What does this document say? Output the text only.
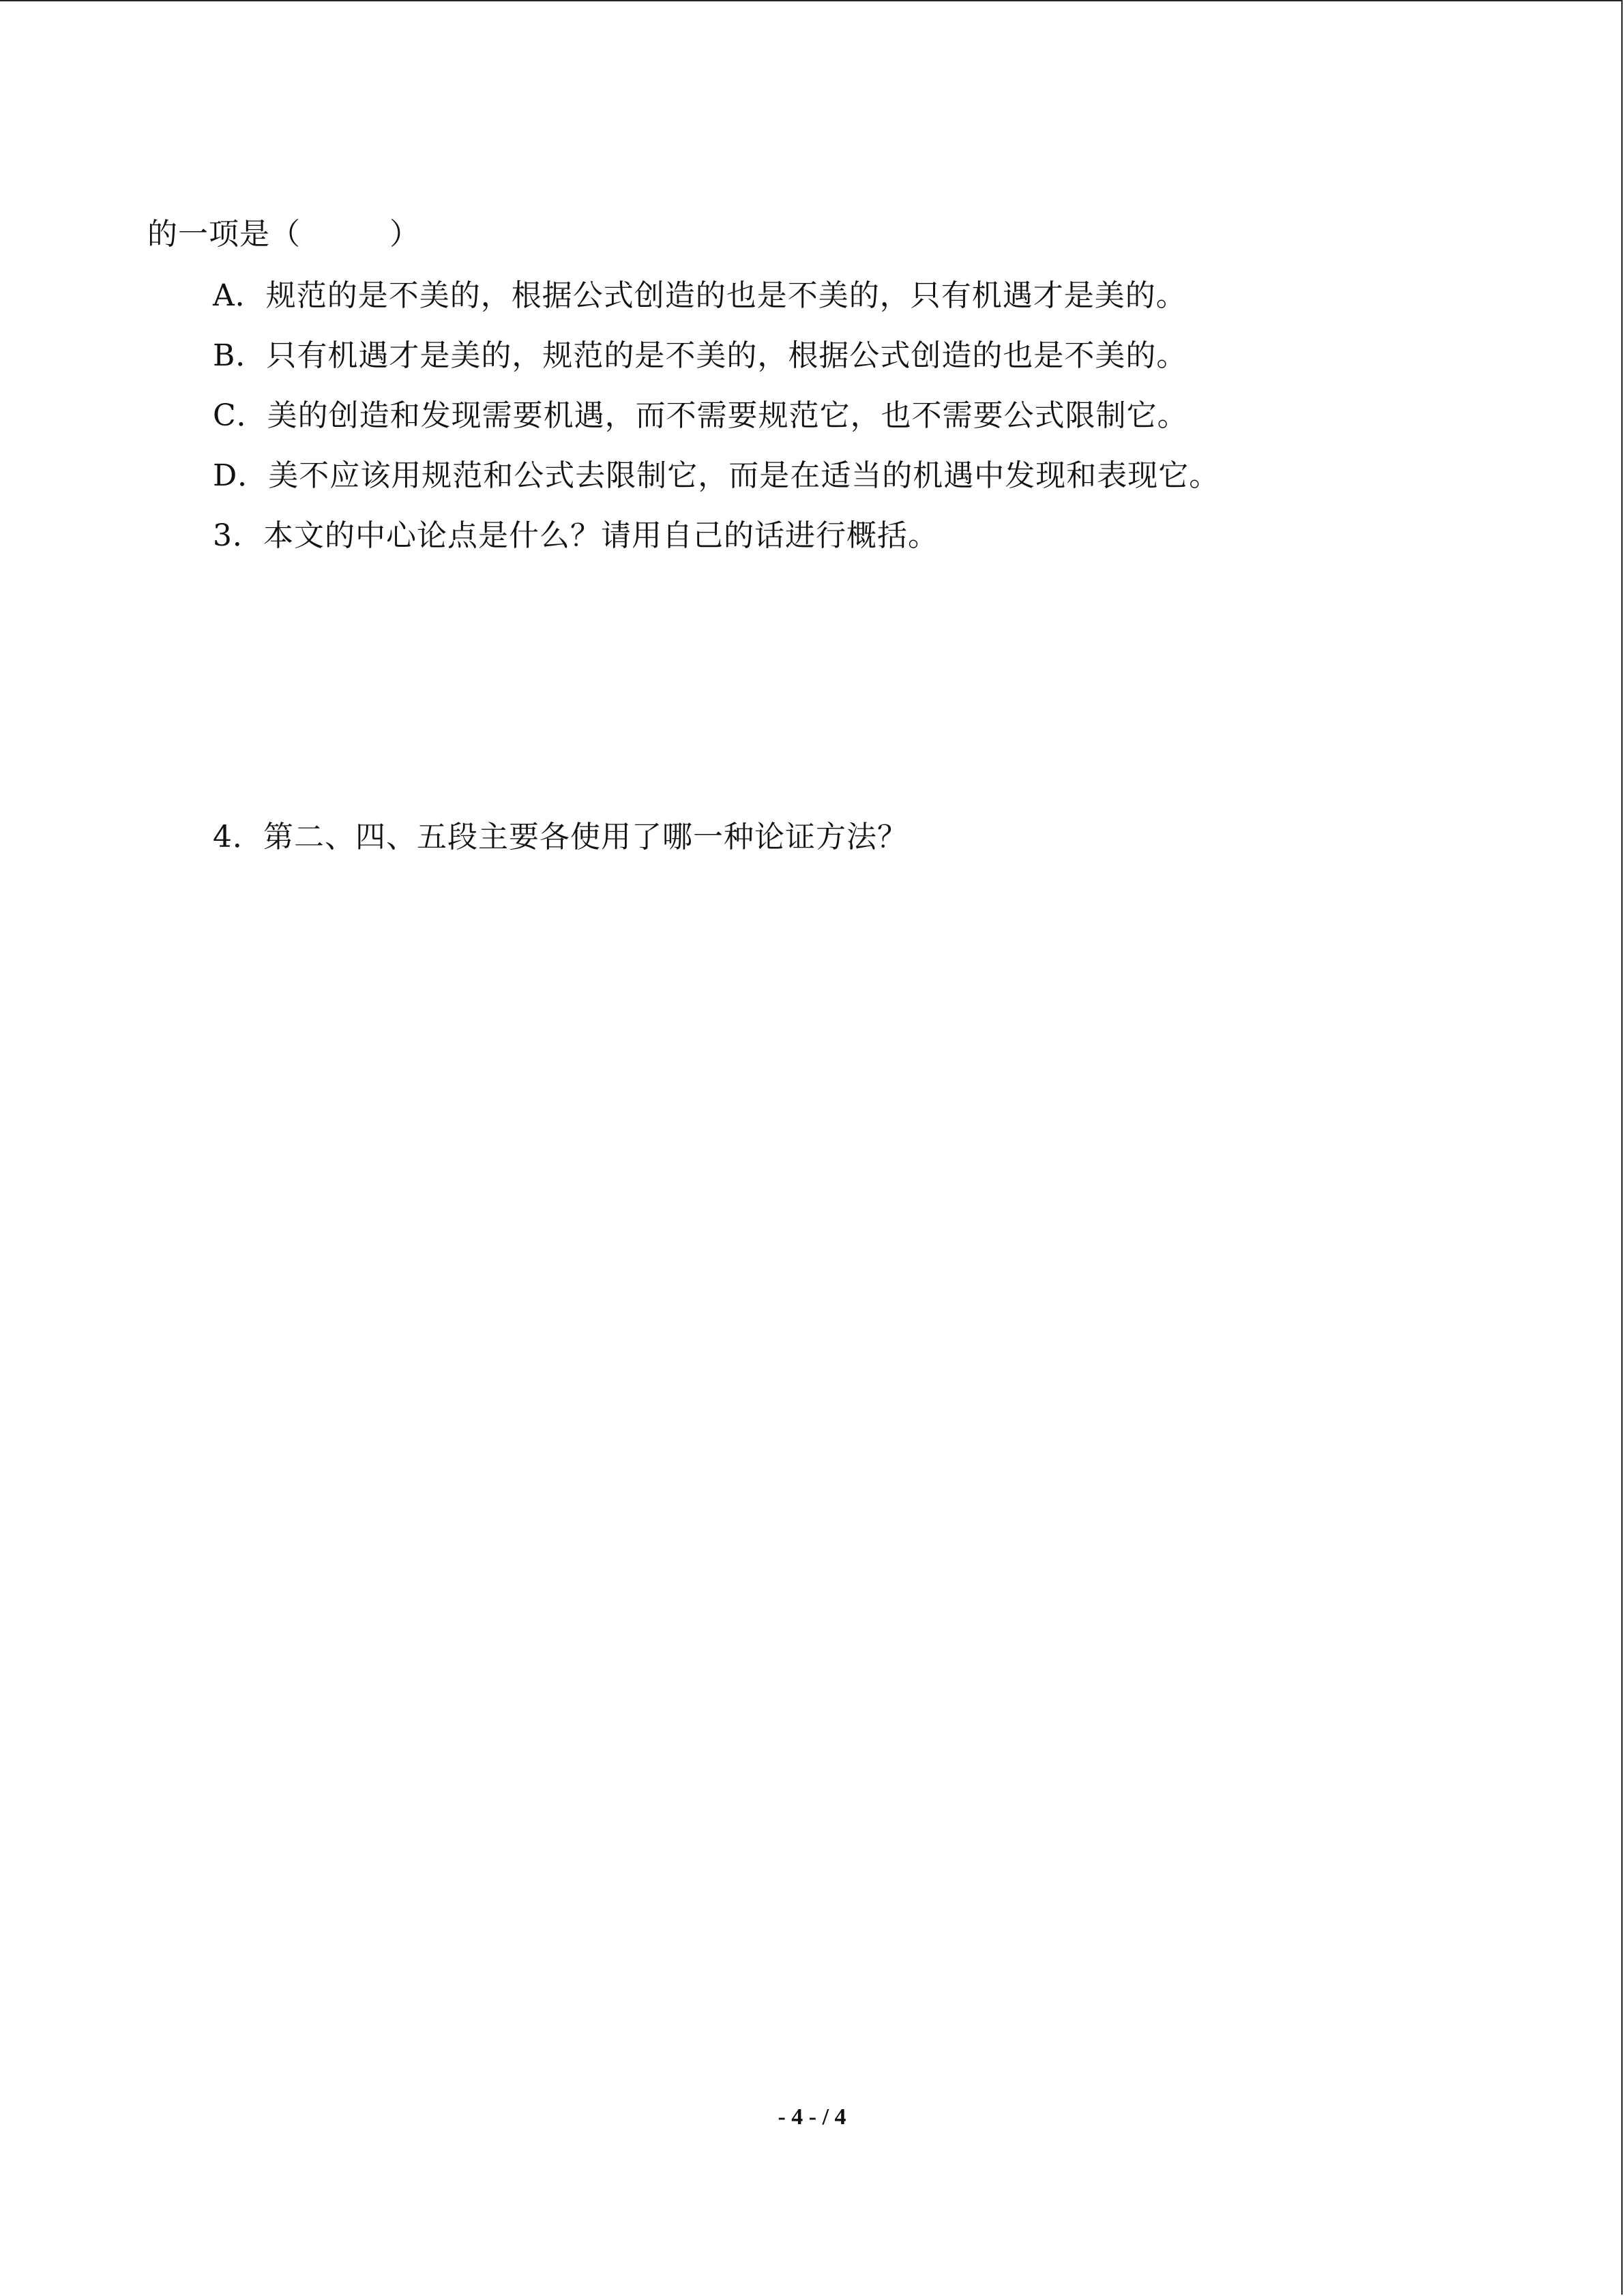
的一项是（	）
A．规范的是不美的，根据公式创造的也是不美的，只有机遇才是美的。
B．只有机遇才是美的，规范的是不美的，根据公式创造的也是不美的。
C．美的创造和发现需要机遇，而不需要规范它，也不需要公式限制它。
D．美不应该用规范和公式去限制它，而是在适当的机遇中发现和表现它。
3．本文的中心论点是什么？请用自己的话进行概括。
4．第二、四、五段主要各使用了哪一种论证方法？
- 4 - / 4
